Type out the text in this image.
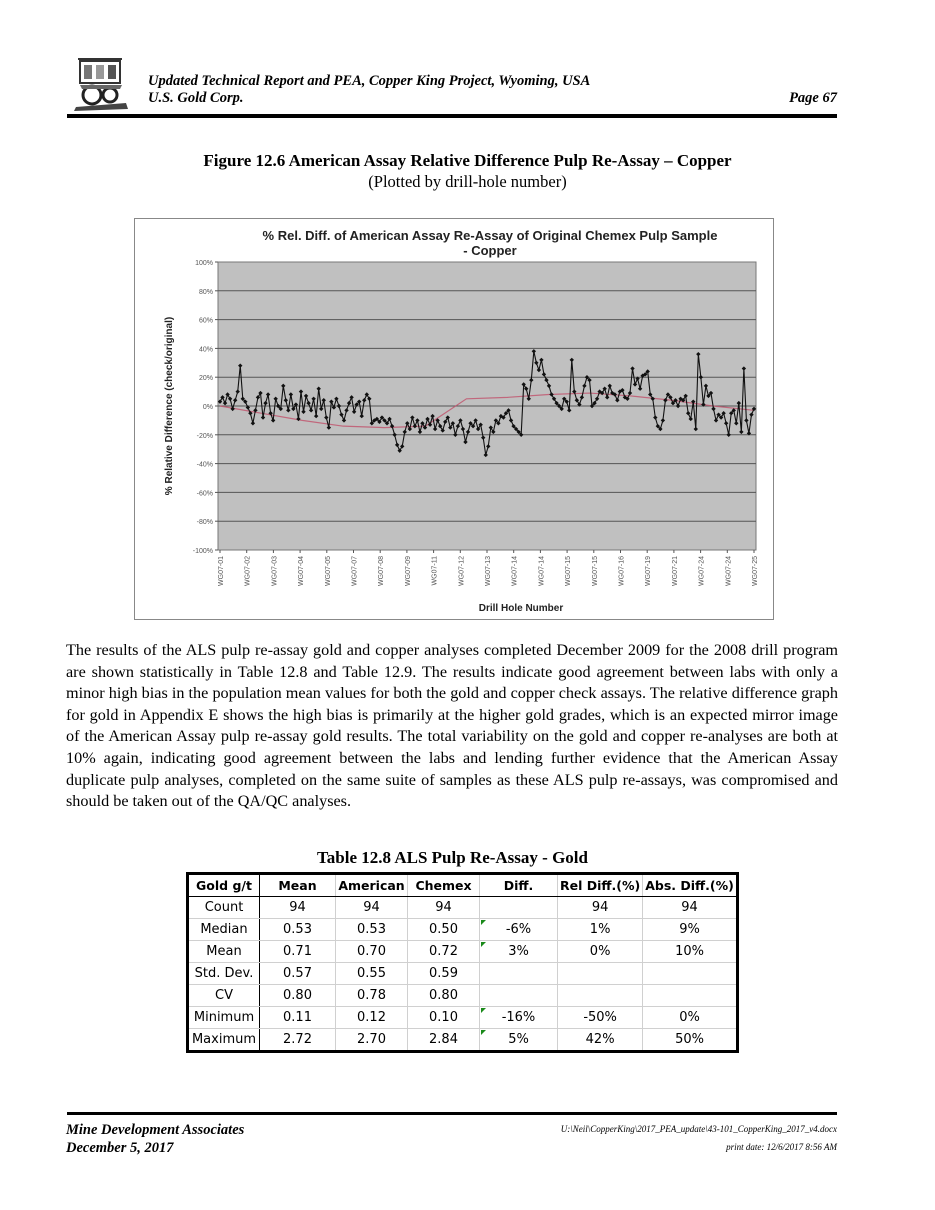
Updated Technical Report and PEA, Copper King Project, Wyoming, USA
U.S. Gold Corp.	Page 67
Figure 12.6 American Assay Relative Difference Pulp Re-Assay – Copper
(Plotted by drill-hole number)
% Rel. Diff. of American Assay Re-Assay of Original Chemex Pulp Sample
- Copper
100%
80%
60%
40%
20%
0%
-20%
-40%
-60%
-80%
-100%
WG07-01	WG07-02	WG07-03	WG07-04	WG07-05	WG07-07	WG07-08	WG07-09	WG07-11	WG07-12	WG07-13	WG07-14	WG07-14	WG07-15	WG07-15	WG07-16	WG07-19	WG07-21	WG07-24	WG07-24	WG07-25
% Relative Difference (check/original)
Drill Hole Number
The results of the ALS pulp re-assay gold and copper analyses completed December 2009 for the 2008 drill program are shown statistically in Table 12.8 and Table 12.9. The results indicate good agreement between labs with only a minor high bias in the population mean values for both the gold and copper check assays. The relative difference graph for gold in Appendix E shows the high bias is primarily at the higher gold grades, which is an expected mirror image of the American Assay pulp re-assay gold results. The total variability on the gold and copper re-analyses are both at 10% again, indicating good agreement between the labs and lending further evidence that the American Assay duplicate pulp analyses, completed on the same suite of samples as these ALS pulp re-assays, was compromised and should be taken out of the QA/QC analyses.
Table 12.8 ALS Pulp Re-Assay - Gold
Gold g/t	Mean	American	Chemex	Diff.	Rel Diff.(%)	Abs. Diff.(%)
Count	94	94	94		94	94
Median	0.53	0.53	0.50	-6%	1%	9%
Mean	0.71	0.70	0.72	3%	0%	10%
Std. Dev.	0.57	0.55	0.59			
CV	0.80	0.78	0.80			
Minimum	0.11	0.12	0.10	-16%	-50%	0%
Maximum	2.72	2.70	2.84	5%	42%	50%
Mine Development Associates
December 5, 2017
U:\Neil\CopperKing\2017_PEA_update\43-101_CopperKing_2017_v4.docx
print date: 12/6/2017 8:56 AM
